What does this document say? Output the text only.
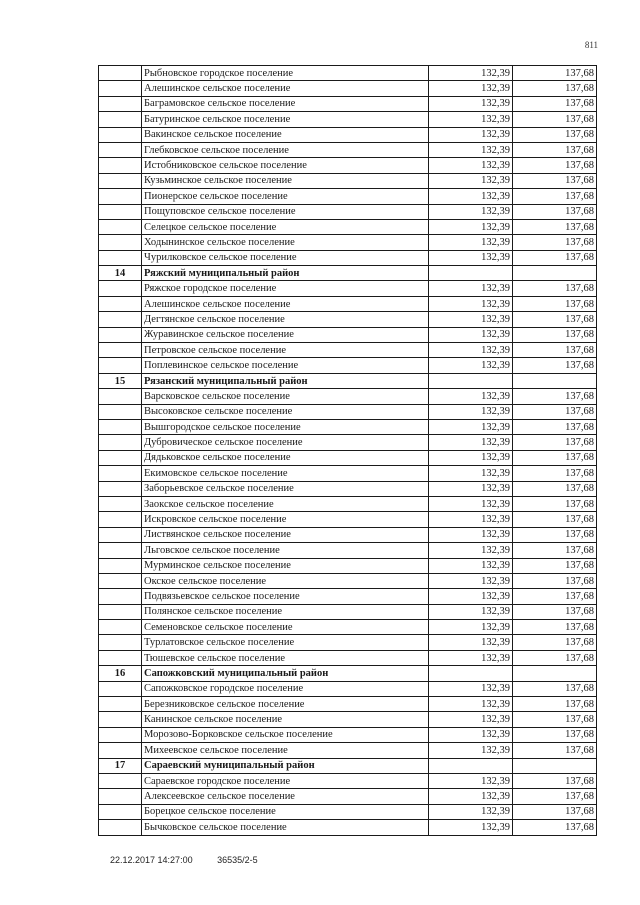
811
	Рыбновское городское поселение	132,39	137,68
	Алешинское сельское поселение	132,39	137,68
	Баграмовское сельское поселение	132,39	137,68
	Батуринское сельское поселение	132,39	137,68
	Вакинское сельское поселение	132,39	137,68
	Глебковское сельское поселение	132,39	137,68
	Истобниковское сельское поселение	132,39	137,68
	Кузьминское сельское поселение	132,39	137,68
	Пионерское сельское поселение	132,39	137,68
	Пощуповское сельское поселение	132,39	137,68
	Селецкое сельское поселение	132,39	137,68
	Ходынинское сельское поселение	132,39	137,68
	Чурилковское сельское поселение	132,39	137,68
14	Ряжский муниципальный район		
	Ряжское городское поселение	132,39	137,68
	Алешинское сельское поселение	132,39	137,68
	Дегтянское сельское поселение	132,39	137,68
	Журавинское сельское поселение	132,39	137,68
	Петровское сельское поселение	132,39	137,68
	Поплевинское сельское поселение	132,39	137,68
15	Рязанский муниципальный район		
	Варсковское сельское поселение	132,39	137,68
	Высоковское сельское поселение	132,39	137,68
	Вышгородское сельское поселение	132,39	137,68
	Дубровическое сельское поселение	132,39	137,68
	Дядьковское сельское поселение	132,39	137,68
	Екимовское сельское поселение	132,39	137,68
	Заборьевское сельское поселение	132,39	137,68
	Заокское сельское поселение	132,39	137,68
	Искровское сельское поселение	132,39	137,68
	Листвянское сельское поселение	132,39	137,68
	Льговское сельское поселение	132,39	137,68
	Мурминское сельское поселение	132,39	137,68
	Окское сельское поселение	132,39	137,68
	Подвязьевское сельское поселение	132,39	137,68
	Полянское сельское поселение	132,39	137,68
	Семеновское сельское поселение	132,39	137,68
	Турлатовское сельское поселение	132,39	137,68
	Тюшевское сельское поселение	132,39	137,68
16	Сапожковский муниципальный район		
	Сапожковское городское поселение	132,39	137,68
	Березниковское сельское поселение	132,39	137,68
	Канинское сельское поселение	132,39	137,68
	Морозово-Борковское сельское поселение	132,39	137,68
	Михеевское сельское поселение	132,39	137,68
17	Сараевский муниципальный район		
	Сараевское городское поселение	132,39	137,68
	Алексеевское сельское поселение	132,39	137,68
	Борецкое сельское поселение	132,39	137,68
	Бычковское сельское поселение	132,39	137,68
22.12.2017 14:27:00	36535/2-5
